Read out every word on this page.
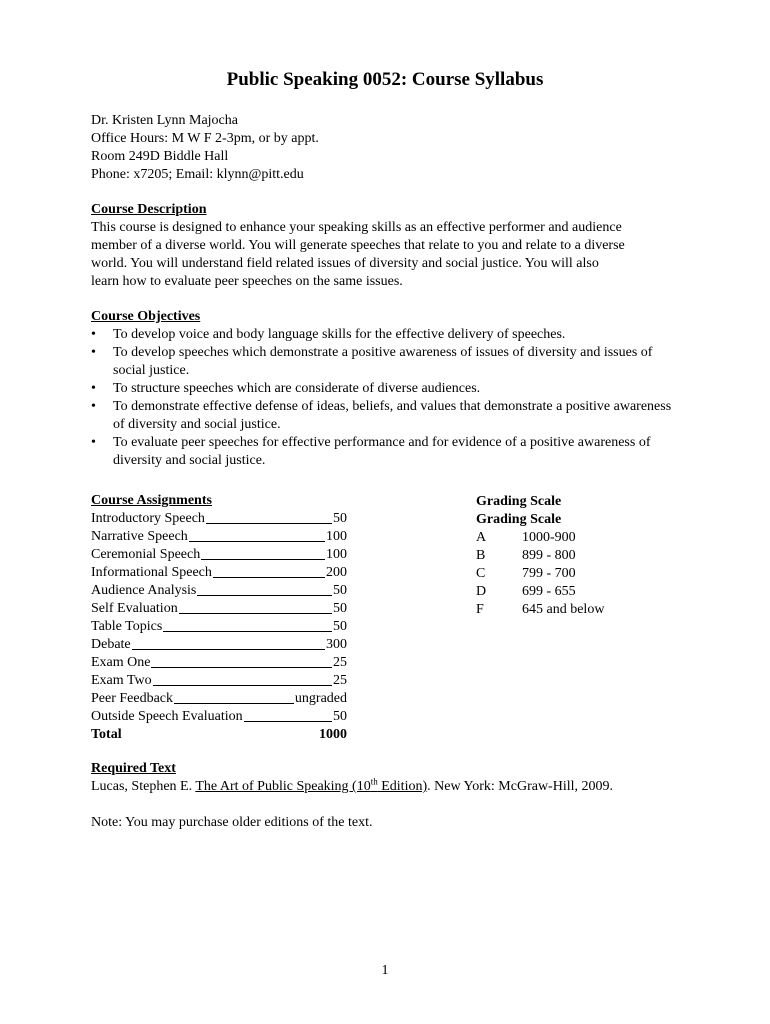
Public Speaking 0052: Course Syllabus
Dr. Kristen Lynn Majocha
Office Hours: M W F 2-3pm, or by appt.
Room 249D Biddle Hall
Phone: x7205; Email: klynn@pitt.edu
Course Description
This course is designed to enhance your speaking skills as an effective performer and audience
member of a diverse world. You will generate speeches that relate to you and relate to a diverse
world. You will understand field related issues of diversity and social justice. You will also
learn how to evaluate peer speeches on the same issues.
Course Objectives
• To develop voice and body language skills for the effective delivery of speeches.
• To develop speeches which demonstrate a positive awareness of issues of diversity and issues of social justice.
• To structure speeches which are considerate of diverse audiences.
• To demonstrate effective defense of ideas, beliefs, and values that demonstrate a positive awareness of diversity and social justice.
• To evaluate peer speeches for effective performance and for evidence of a positive awareness of diversity and social justice.
Course Assignments
Introductory Speech	50
Narrative Speech	100
Ceremonial Speech	100
Informational Speech	200
Audience Analysis	50
Self Evaluation	50
Table Topics	50
Debate	300
Exam One	25
Exam Two	25
Peer Feedback	ungraded
Outside Speech Evaluation	50
Total	1000
Grading Scale
Grading Scale
A	1000-900
B	899 - 800
C	799 - 700
D	699 - 655
F	645 and below
Required Text
Lucas, Stephen E. The Art of Public Speaking (10th Edition). New York: McGraw-Hill, 2009.
Note: You may purchase older editions of the text.
1
